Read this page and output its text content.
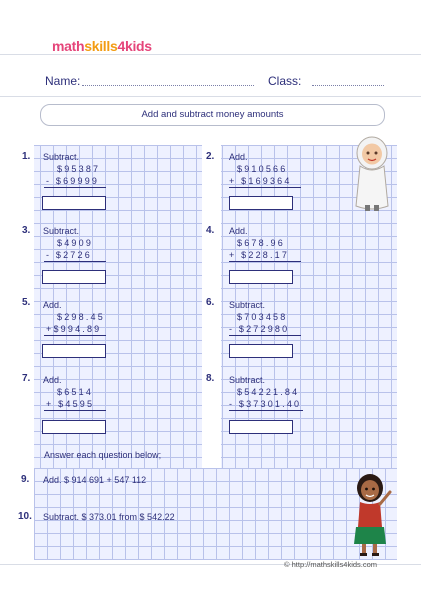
mathskills4kids
Name:	Class:
Add and subtract money amounts
1. Subtract.
$95387
- $69999
2. Add.
$910566
+ $169364
3. Subtract.
$4909
- $2726
4. Add.
$678.96
+ $228.17
5. Add.
$298.45
+$994.89
6. Subtract.
$703458
- $272980
7. Add.
$6514
+ $4595
8. Subtract.
$54221.84
- $37301.40
Answer each question below;
9. Add. $ 914 691 + 547 112
10. Subtract. $ 373.01 from $ 542.22
© http://mathskills4kids.com
